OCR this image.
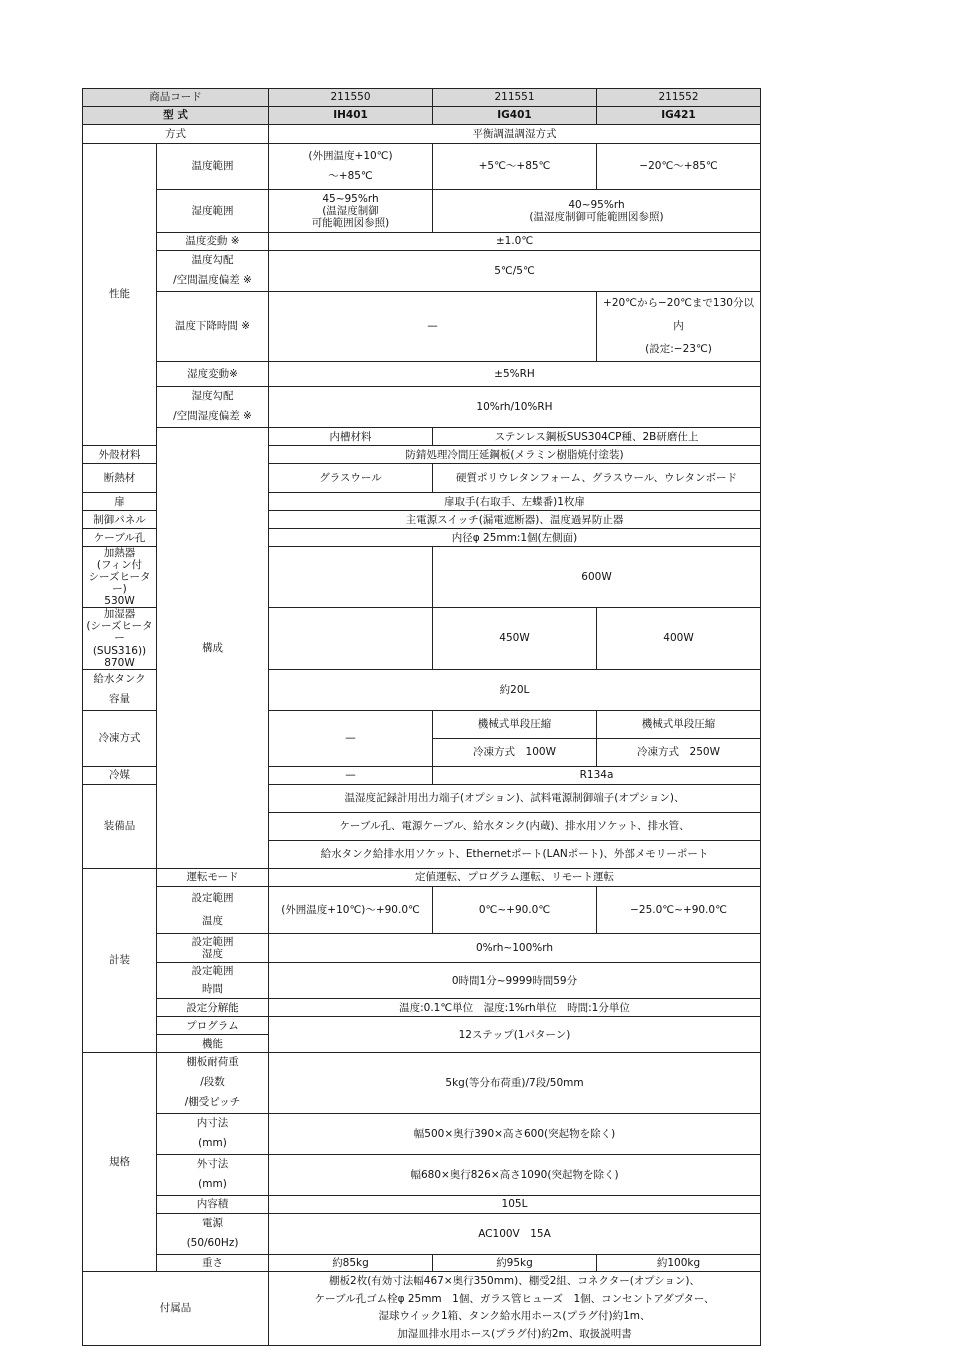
商品コード		211550	211551	211552
型 式		IH401	IG401	IG421
方式		平衡調温調湿方式		
性能	温度範囲	(外囲温度+10℃)
〜+85℃	+5℃〜+85℃	−20℃〜+85℃
	湿度範囲	45~95%rh
(温湿度制御
可能範囲図参照)	40~95%rh
(温湿度制御可能範囲図参照)	

	温度変動 ※	±1.0℃		

	温度勾配
/空間温度偏差 ※	5℃/5℃		
	温度下降時間 ※	—		+20℃から−20℃まで130分以内
(設定:−23℃)

	湿度変動※	±5%RH		

	湿度勾配
/空間湿度偏差 ※	10%rh/10%RH		
	構成	内槽材料	ステンレス鋼板SUS304CP種、2B研磨仕上	
外殻材料		防錆処理冷間圧延鋼板(メラミン樹脂焼付塗装)		
断熱材		グラスウール	硬質ポリウレタンフォーム、グラスウール、ウレタンボード	
扉		扉取手(右取手、左蝶番)1枚扉		
制御パネル		主電源スイッチ(漏電遮断器)、温度過昇防止器		
ケーブル孔		内径φ 25mm:1個(左側面)		

加熱器
(フィン付
シーズヒーター)
530W			600W	

加湿器
(シーズヒーター
(SUS316))
870W			450W	400W

給水タンク
容量		約20L		
冷凍方式		—	機械式単段圧縮	機械式単段圧縮
			冷凍方式　100W	冷凍方式　250W
冷媒		—	R134a	
装備品		温湿度記録計用出力端子(オプション)、試料電源制御端子(オプション)、		
		ケーブル孔、電源ケーブル、給水タンク(内蔵)、排水用ソケット、排水管、		
		給水タンク給排水用ソケット、Ethernetポート(LANポート)、外部メモリーポート		
計装	運転モード	定値運転、プログラム運転、リモート運転		

	設定範囲
温度	(外囲温度+10℃)〜+90.0℃	0℃~+90.0℃	−25.0℃~+90.0℃

	設定範囲
湿度	0%rh~100%rh		

	設定範囲
時間	0時間1分~9999時間59分		
	設定分解能	温度:0.1℃単位　湿度:1%rh単位　時間:1分単位		
	プログラム	12ステップ(1パターン)		
	機能			
規格	棚板耐荷重
/段数
/棚受ピッチ	5kg(等分布荷重)/7段/50mm		

	内寸法
(mm)	幅500×奥行390×高さ600(突起物を除く)		

	外寸法
(mm)	幅680×奥行826×高さ1090(突起物を除く)		
	内容積	105L		

	電源
(50/60Hz)	AC100V　15A		
	重さ	約85kg	約95kg	約100kg
付属品		棚板2枚(有効寸法幅467×奥行350mm)、棚受2組、コネクター(オプション)、
ケーブル孔ゴム栓φ 25mm　1個、ガラス管ヒューズ　1個、コンセントアダプター、
湿球ウイック1箱、タンク給水用ホース(プラグ付)約1m、
加湿皿排水用ホース(プラグ付)約2m、取扱説明書		
